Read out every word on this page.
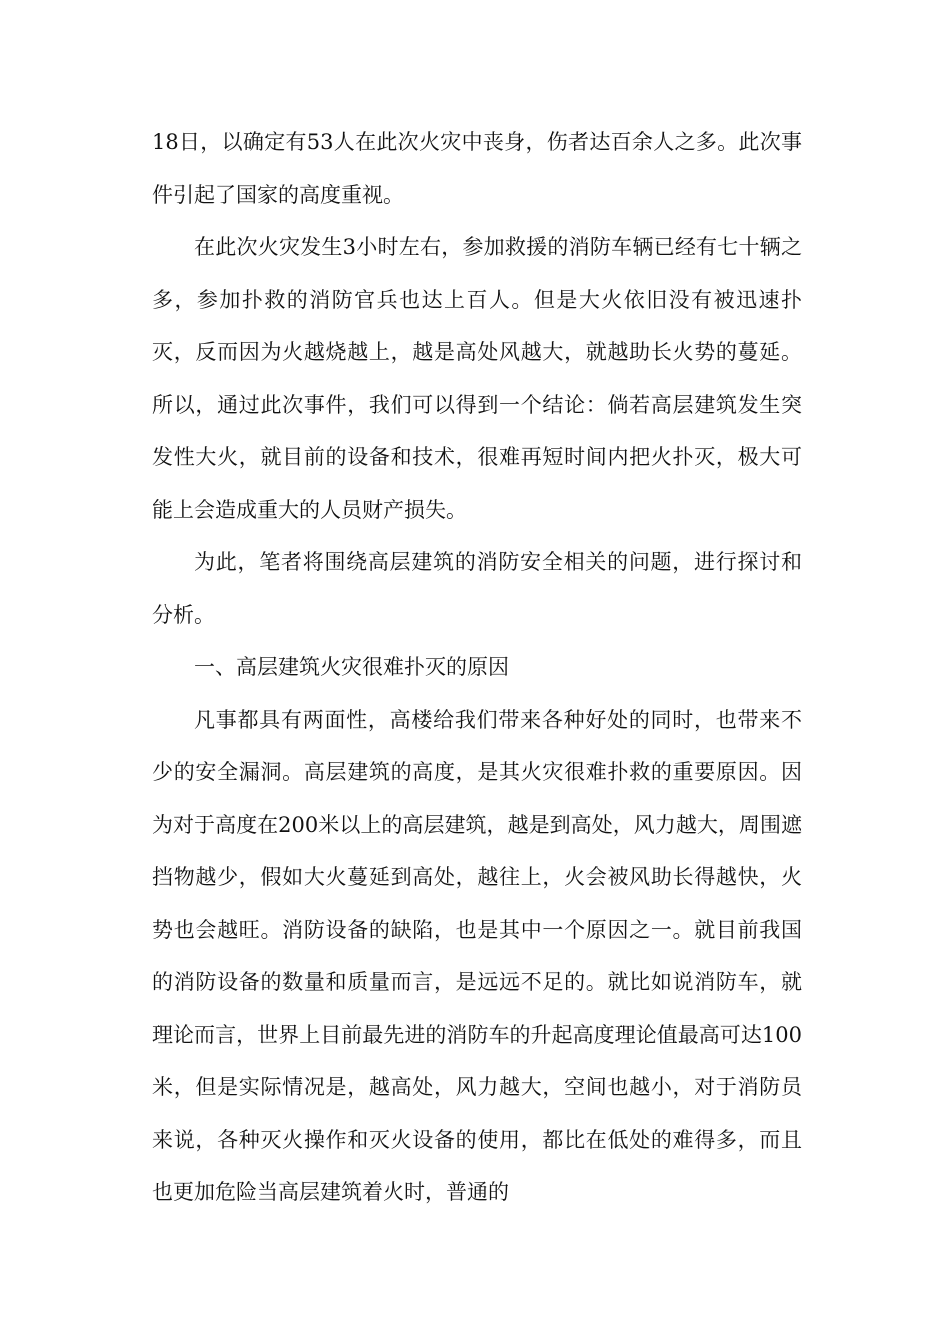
18日，以确定有53人在此次火灾中丧身，伤者达百余人之多。此次事件引起了国家的高度重视。

在此次火灾发生3小时左右，参加救援的消防车辆已经有七十辆之多，参加扑救的消防官兵也达上百人。但是大火依旧没有被迅速扑灭，反而因为火越烧越上，越是高处风越大，就越助长火势的蔓延。所以，通过此次事件，我们可以得到一个结论：倘若高层建筑发生突发性大火，就目前的设备和技术，很难再短时间内把火扑灭，极大可能上会造成重大的人员财产损失。

为此，笔者将围绕高层建筑的消防安全相关的问题，进行探讨和分析。

一、高层建筑火灾很难扑灭的原因

凡事都具有两面性，高楼给我们带来各种好处的同时，也带来不少的安全漏洞。高层建筑的高度，是其火灾很难扑救的重要原因。因为对于高度在200米以上的高层建筑，越是到高处，风力越大，周围遮挡物越少，假如大火蔓延到高处，越往上，火会被风助长得越快，火势也会越旺。消防设备的缺陷，也是其中一个原因之一。就目前我国的消防设备的数量和质量而言，是远远不足的。就比如说消防车，就理论而言，世界上目前最先进的消防车的升起高度理论值最高可达100米，但是实际情况是，越高处，风力越大，空间也越小，对于消防员来说，各种灭火操作和灭火设备的使用，都比在低处的难得多，而且也更加危险当高层建筑着火时，普通的
